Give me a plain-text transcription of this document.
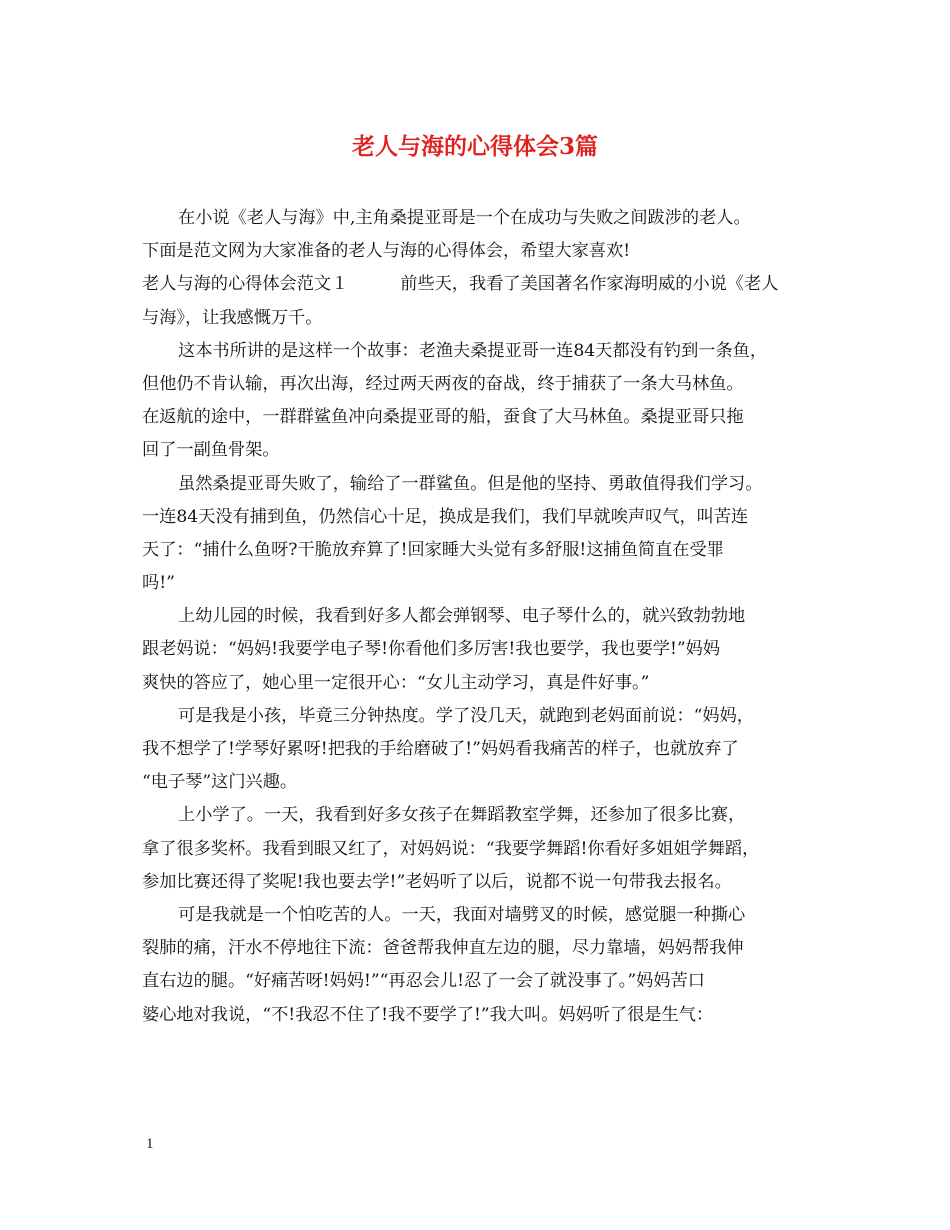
老人与海的心得体会3篇
在小说《老人与海》中,主角桑提亚哥是一个在成功与失败之间跋涉的老人。
下面是范文网为大家准备的老人与海的心得体会，希望大家喜欢!
老人与海的心得体会范文１	前些天，我看了美国著名作家海明威的小说《老人
与海》，让我感慨万千。
这本书所讲的是这样一个故事：老渔夫桑提亚哥一连84天都没有钓到一条鱼，
但他仍不肯认输，再次出海，经过两天两夜的奋战，终于捕获了一条大马林鱼。
在返航的途中，一群群鲨鱼冲向桑提亚哥的船，蚕食了大马林鱼。桑提亚哥只拖
回了一副鱼骨架。
虽然桑提亚哥失败了，输给了一群鲨鱼。但是他的坚持、勇敢值得我们学习。
一连84天没有捕到鱼，仍然信心十足，换成是我们，我们早就唉声叹气，叫苦连
天了：“捕什么鱼呀?干脆放弃算了!回家睡大头觉有多舒服!这捕鱼简直在受罪
吗!”
上幼儿园的时候，我看到好多人都会弹钢琴、电子琴什么的，就兴致勃勃地
跟老妈说：“妈妈!我要学电子琴!你看他们多厉害!我也要学，我也要学!”妈妈
爽快的答应了，她心里一定很开心：“女儿主动学习，真是件好事。”
可是我是小孩，毕竟三分钟热度。学了没几天，就跑到老妈面前说：“妈妈，
我不想学了!学琴好累呀!把我的手给磨破了!”妈妈看我痛苦的样子，也就放弃了
“电子琴”这门兴趣。
上小学了。一天，我看到好多女孩子在舞蹈教室学舞，还参加了很多比赛，
拿了很多奖杯。我看到眼又红了，对妈妈说：“我要学舞蹈!你看好多姐姐学舞蹈，
参加比赛还得了奖呢!我也要去学!”老妈听了以后，说都不说一句带我去报名。
可是我就是一个怕吃苦的人。一天，我面对墙劈叉的时候，感觉腿一种撕心
裂肺的痛，汗水不停地往下流：爸爸帮我伸直左边的腿，尽力靠墙，妈妈帮我伸
直右边的腿。“好痛苦呀!妈妈!”“再忍会儿!忍了一会了就没事了。”妈妈苦口
婆心地对我说，“不!我忍不住了!我不要学了!”我大叫。妈妈听了很是生气：
1
